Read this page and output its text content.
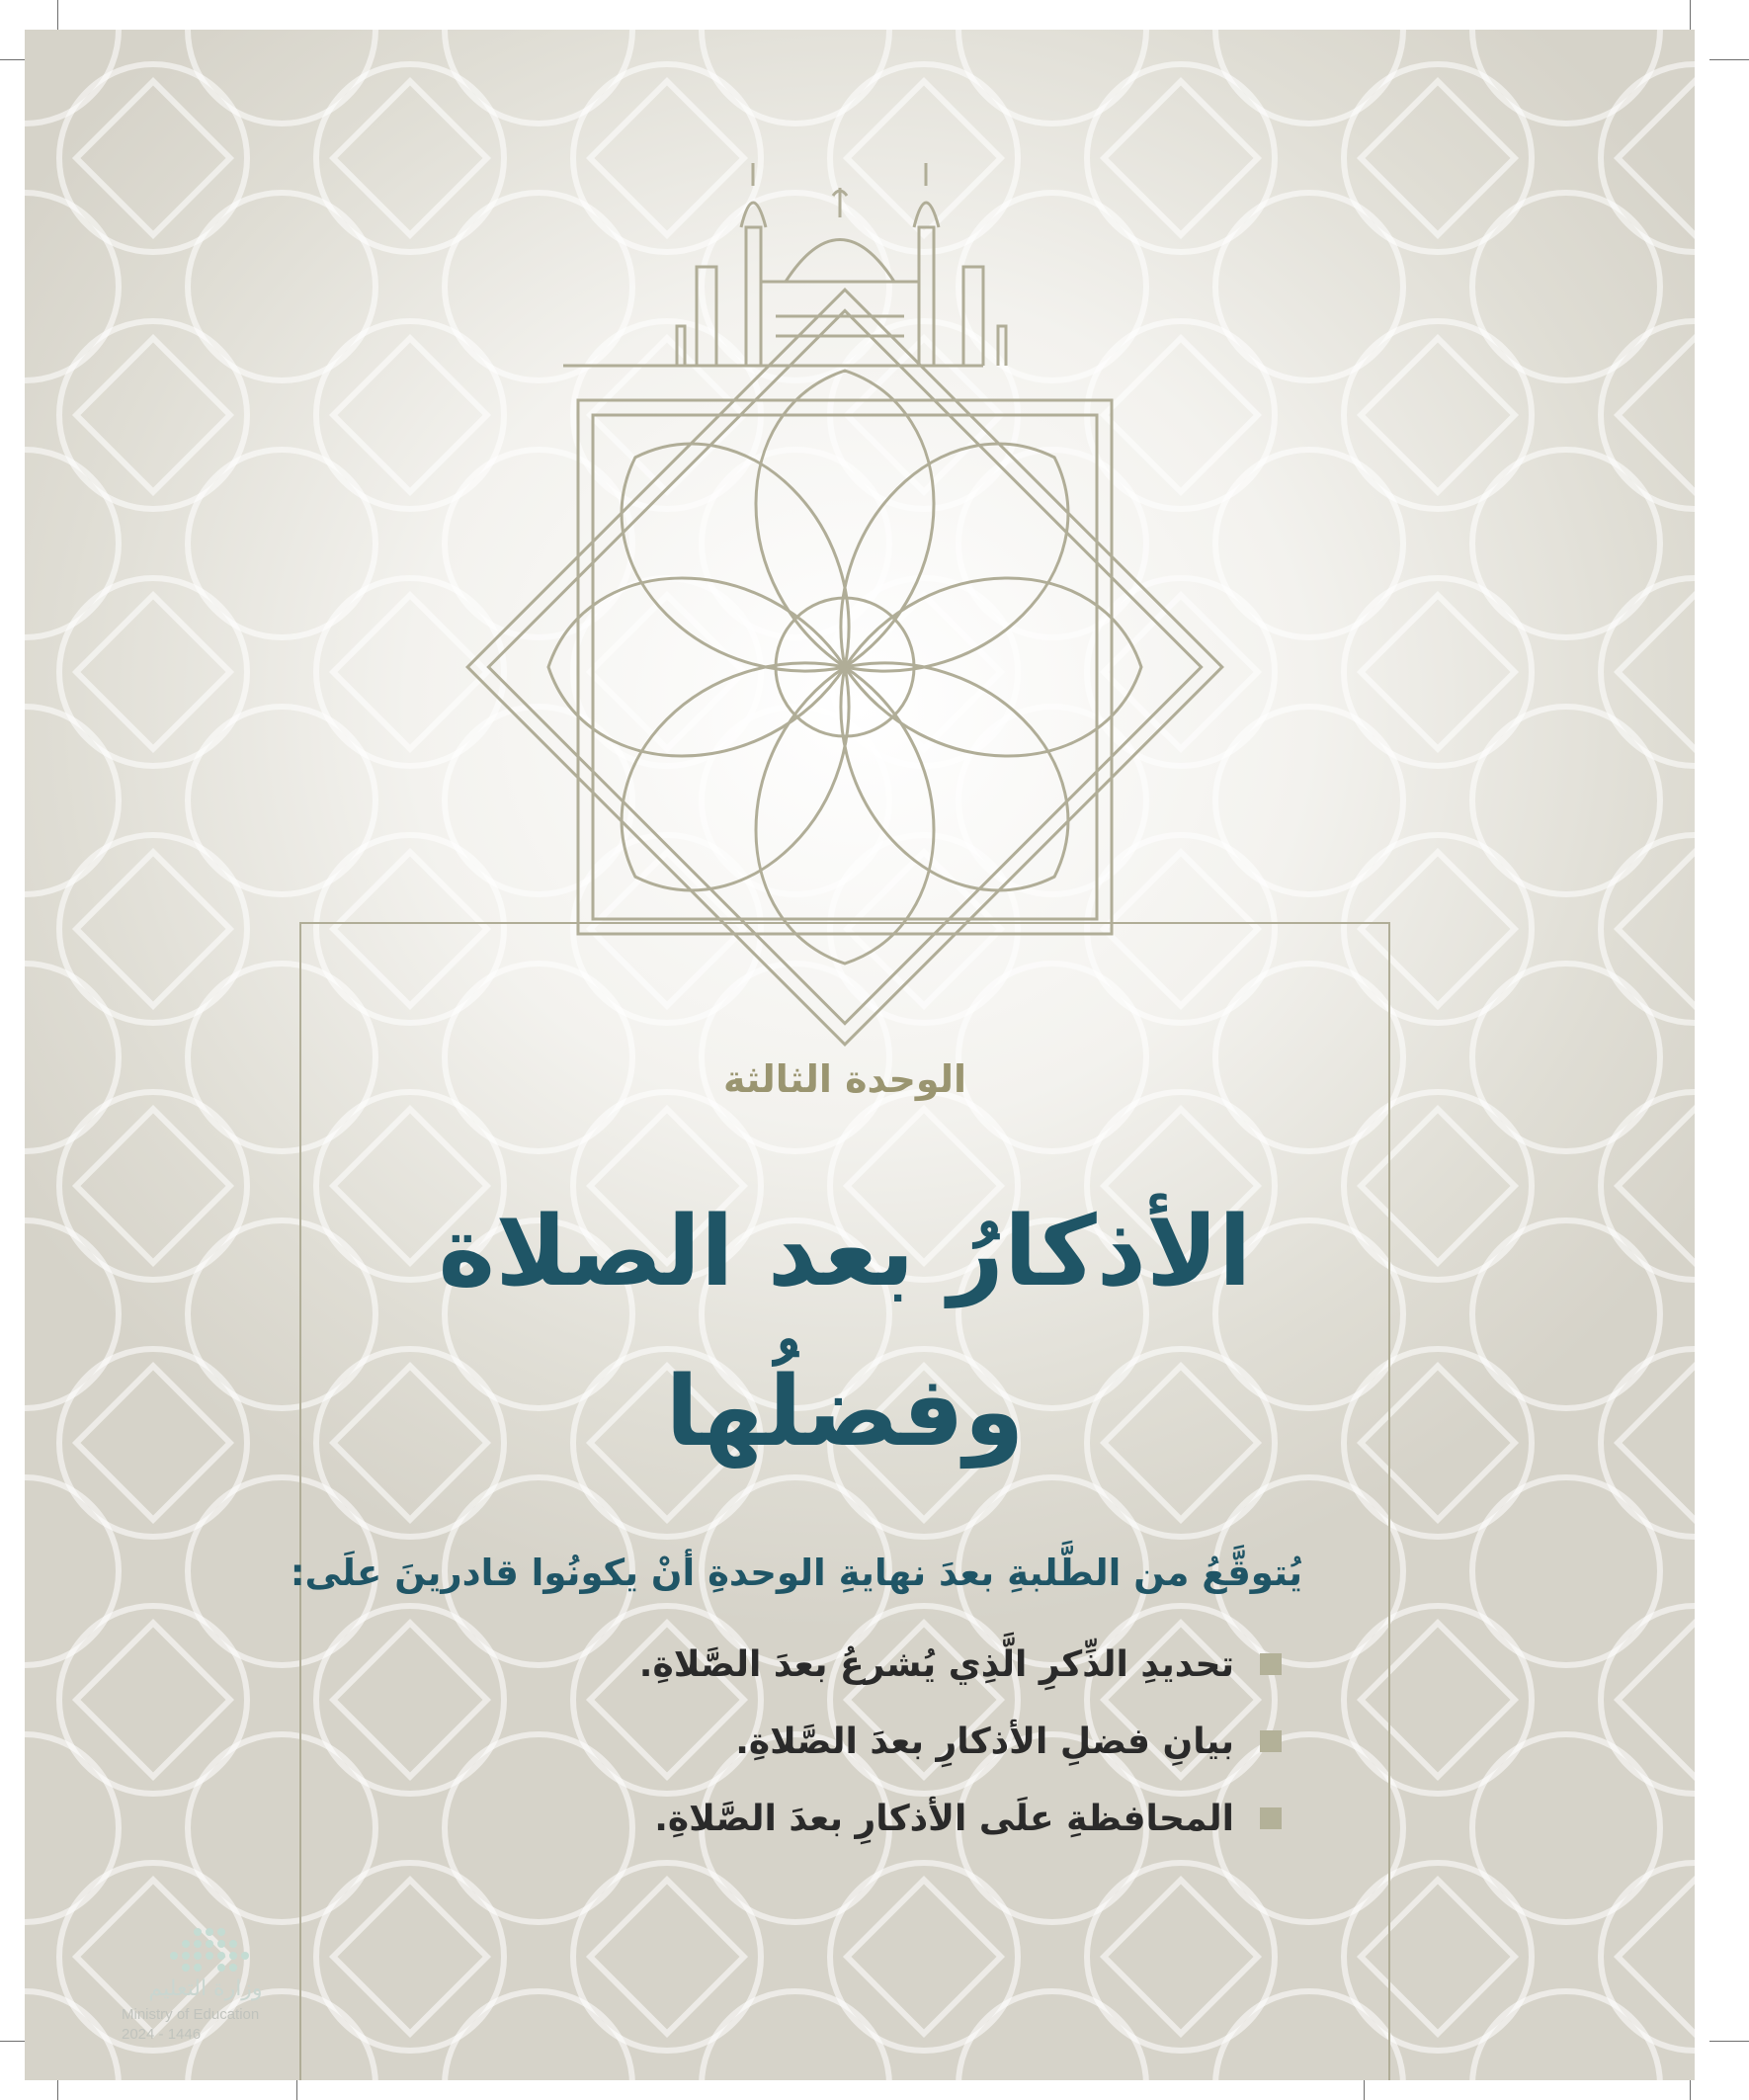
الوحدة الثالثة
الأذكارُ بعد الصلاة
وفضلُها
يُتوقَّعُ من الطَّلبةِ بعدَ نهايةِ الوحدةِ أنْ يكونُوا قادرينَ علَى:
تحديدِ الذِّكرِ الَّذِي يُشرعُ بعدَ الصَّلاةِ.
بيانِ فضلِ الأذكارِ بعدَ الصَّلاةِ.
المحافظةِ علَى الأذكارِ بعدَ الصَّلاةِ.
وزارة التعليم
Ministry of Education
2024 - 1446
